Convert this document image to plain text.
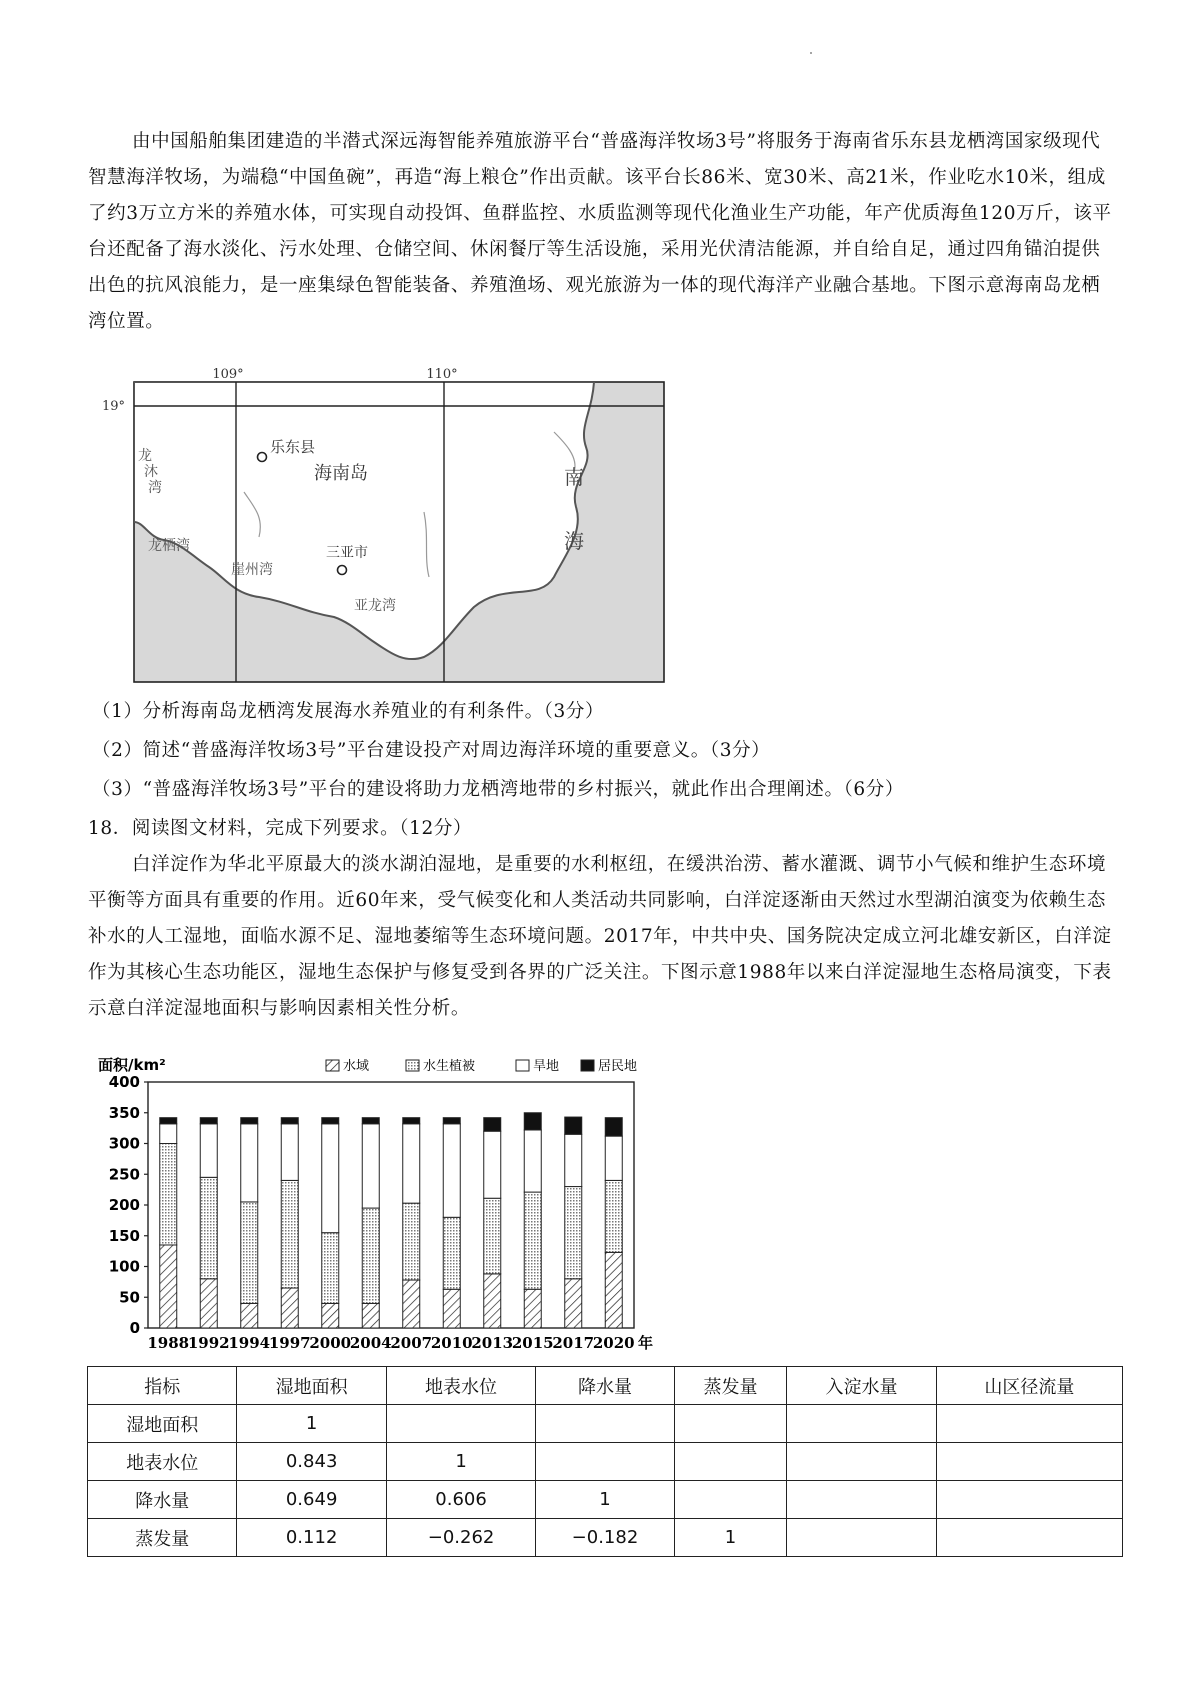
由中国船舶集团建造的半潜式深远海智能养殖旅游平台“普盛海洋牧场3号”将服务于海南省乐东县龙栖湾国家级现代智慧海洋牧场，为端稳“中国鱼碗”，再造“海上粮仓”作出贡献。该平台长86米、宽30米、高21米，作业吃水10米，组成了约3万立方米的养殖水体，可实现自动投饵、鱼群监控、水质监测等现代化渔业生产功能，年产优质海鱼120万斤，该平台还配备了海水淡化、污水处理、仓储空间、休闲餐厅等生活设施，采用光伏清洁能源，并自给自足，通过四角锚泊提供出色的抗风浪能力，是一座集绿色智能装备、养殖渔场、观光旅游为一体的现代海洋产业融合基地。下图示意海南岛龙栖湾位置。
109°	110°
19°
乐东县
海南岛
三亚市
龙
沐
湾
龙栖湾
崖州湾
亚龙湾
南
海
（1）分析海南岛龙栖湾发展海水养殖业的有利条件。（3分）
（2）简述“普盛海洋牧场3号”平台建设投产对周边海洋环境的重要意义。（3分）
（3）“普盛海洋牧场3号”平台的建设将助力龙栖湾地带的乡村振兴，就此作出合理阐述。（6分）
18．阅读图文材料，完成下列要求。（12分）
白洋淀作为华北平原最大的淡水湖泊湿地，是重要的水利枢纽，在缓洪治涝、蓄水灌溉、调节小气候和维护生态环境平衡等方面具有重要的作用。近60年来，受气候变化和人类活动共同影响，白洋淀逐渐由天然过水型湖泊演变为依赖生态补水的人工湿地，面临水源不足、湿地萎缩等生态环境问题。2017年，中共中央、国务院决定成立河北雄安新区，白洋淀作为其核心生态功能区，湿地生态保护与修复受到各界的广泛关注。下图示意1988年以来白洋淀湿地生态格局演变，下表示意白洋淀湿地面积与影响因素相关性分析。
面积/km²	水域	水生植被	旱地	居民地
0
50
100
150
200
250
300
350
400
1988
1992
1994
1997
2000
2004
2007
2010
2013
2015
2017
2020 年
指标	湿地面积	地表水位	降水量	蒸发量	入淀水量	山区径流量
湿地面积	1					
地表水位	0.843	1				
降水量	0.649	0.606	1			
蒸发量	0.112	−0.262	−0.182	1		
